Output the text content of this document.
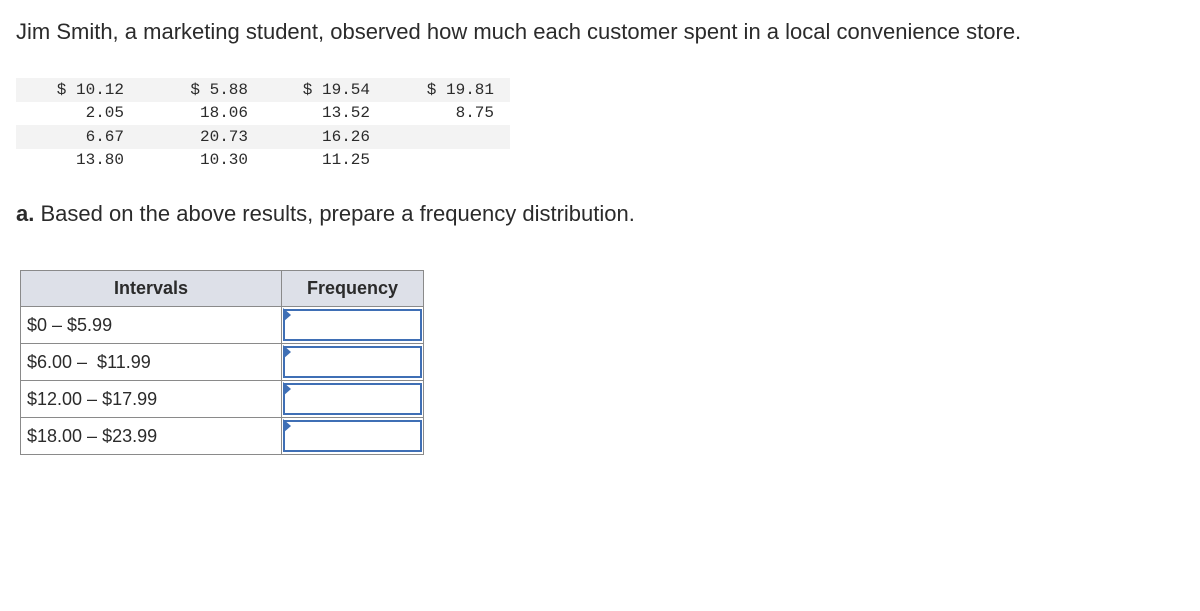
Jim Smith, a marketing student, observed how much each customer spent in a local convenience store.
$ 10.12	$ 5.88	$ 19.54	$ 19.81	
2.05	18.06	13.52	8.75	
6.67	20.73	16.26		
13.80	10.30	11.25		
a. Based on the above results, prepare a frequency distribution.
Intervals	Frequency
$0 – $5.99	

$6.00 –  $11.99	

$12.00 – $17.99	

$18.00 – $23.99	
